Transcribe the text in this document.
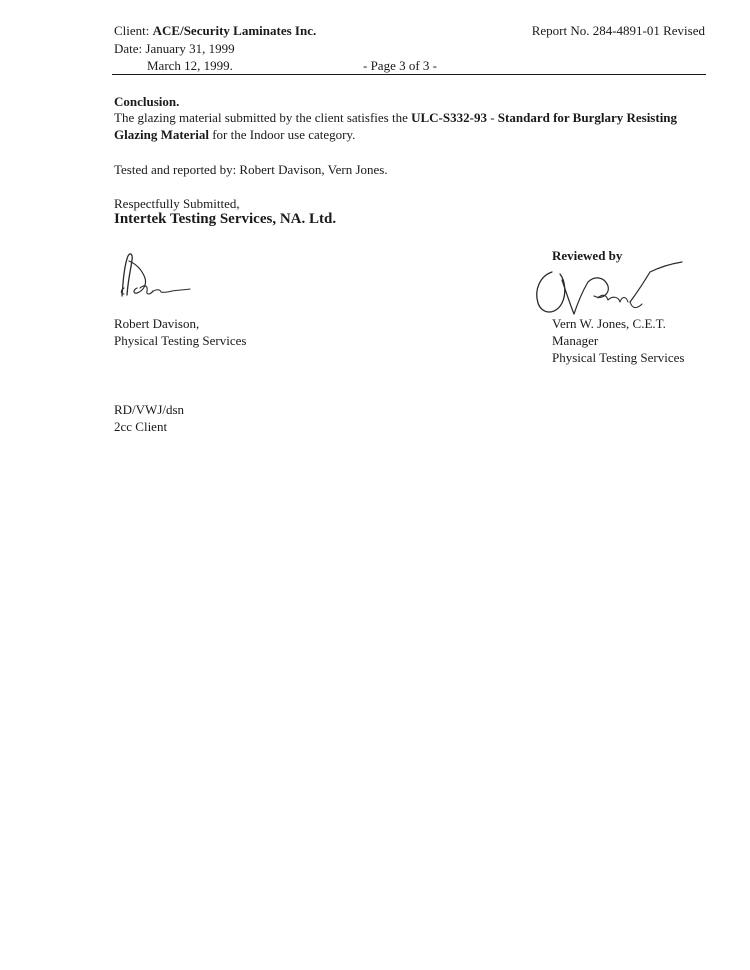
Client: ACE/Security Laminates Inc.	Report No. 284-4891-01 Revised
Date: January 31, 1999
March 12, 1999.	- Page 3 of 3 -
Conclusion.
The glazing material submitted by the client satisfies the ULC-S332-93 - Standard for Burglary Resisting Glazing Material for the Indoor use category.
Tested and reported by: Robert Davison, Vern Jones.
Respectfully Submitted,
Intertek Testing Services, NA. Ltd.
Reviewed by
Robert Davison,
Physical Testing Services
Vern W. Jones, C.E.T.
Manager
Physical Testing Services
RD/VWJ/dsn
2cc Client
